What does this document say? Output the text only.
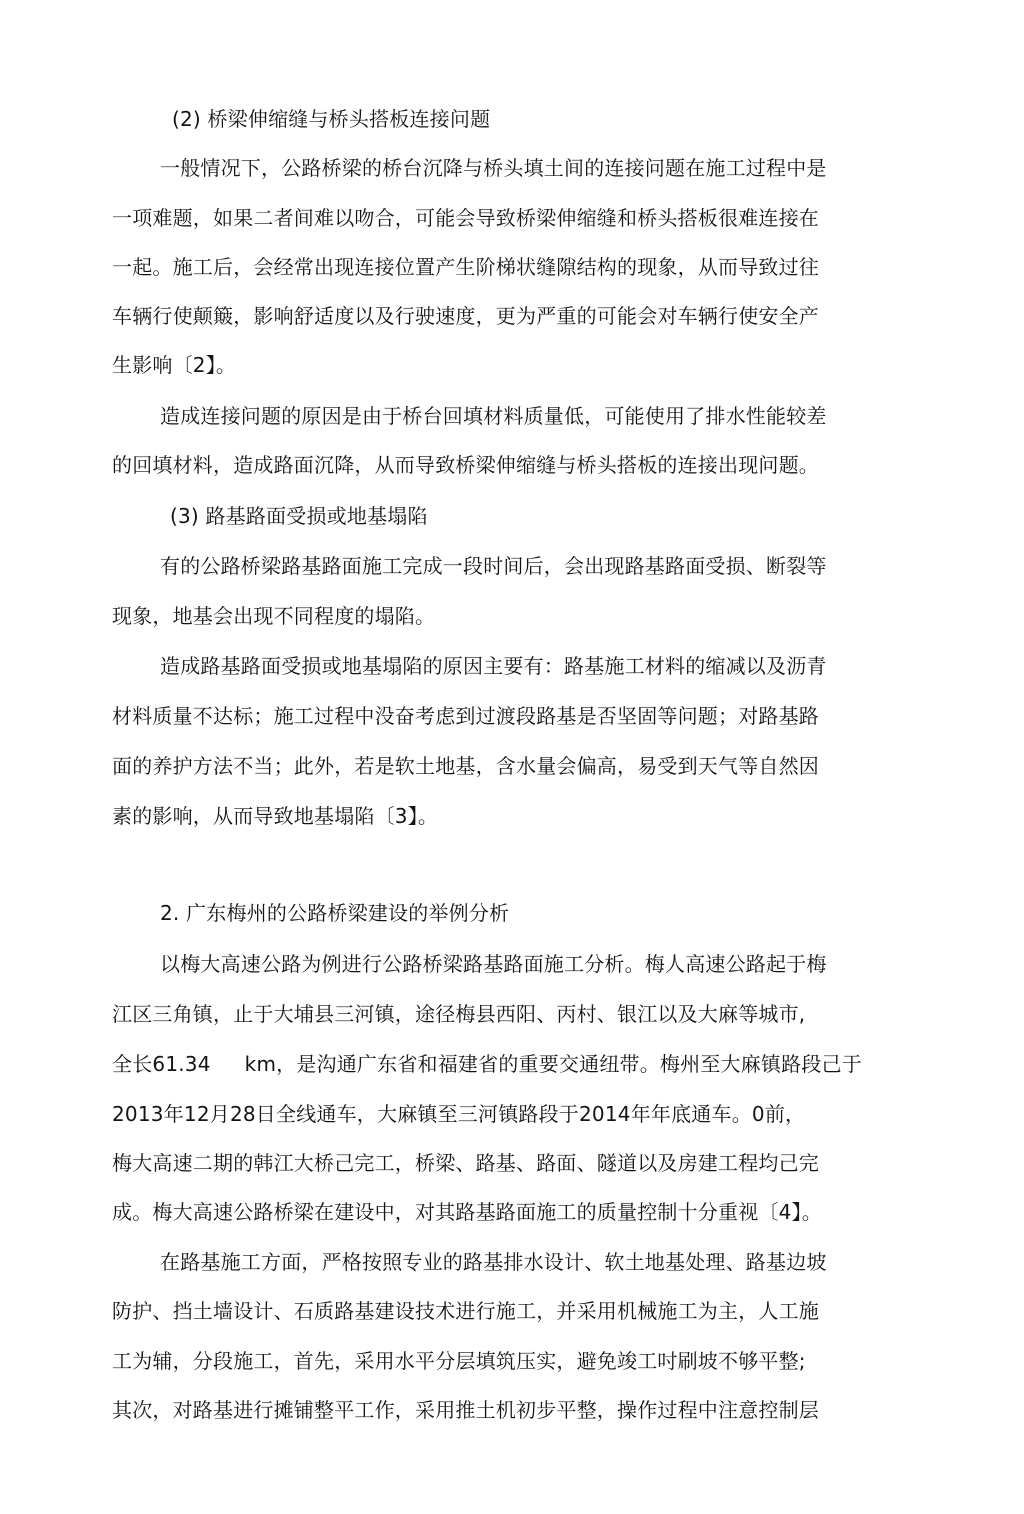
(2) 桥梁伸缩缝与桥头搭板连接问题

一般情况下，公路桥梁的桥台沉降与桥头填土间的连接问题在施工过程中是

一项难题，如果二者间难以吻合，可能会导致桥梁伸缩缝和桥头搭板很难连接在

一起。施工后，会经常出现连接位置产生阶梯状缝隙结构的现象，从而导致过往

车辆行使颠簸，影响舒适度以及行驶速度，更为严重的可能会对车辆行使安全产

生影响〔2】。

造成连接问题的原因是由于桥台回填材料质量低，可能使用了排水性能较差

的回填材料，造成路面沉降，从而导致桥梁伸缩缝与桥头搭板的连接出现问题。

(3) 路基路面受损或地基塌陷

有的公路桥梁路基路面施工完成一段时间后，会出现路基路面受损、断裂等

现象，地基会出现不同程度的塌陷。

造成路基路面受损或地基塌陷的原因主要有：路基施工材料的缩减以及沥青

材料质量不达标；施工过程中没奋考虑到过渡段路基是否坚固等问题；对路基路

面的养护方法不当；此外，若是软土地基，含水量会偏高，易受到天气等自然因

素的影响，从而导致地基塌陷〔3】。

2. 广东梅州的公路桥梁建设的举例分析

以梅大高速公路为例进行公路桥梁路基路面施工分析。梅人高速公路起于梅

江区三角镇，止于大埔县三河镇，途径梅县西阳、丙村、银江以及大麻等城市,

全长61.34 km，是沟通广东省和福建省的重要交通纽带。梅州至大麻镇路段己于

2013年12月28日全线通车，大麻镇至三河镇路段于2014年年底通车。0前，

梅大高速二期的韩江大桥己完工，桥梁、路基、路面、隧道以及房建工程均己完

成。梅大高速公路桥梁在建设中，对其路基路面施工的质量控制十分重视〔4】。

在路基施工方面，严格按照专业的路基排水设计、软土地基处理、路基边坡

防护、挡土墙设计、石质路基建设技术进行施工，并采用机械施工为主，人工施

工为辅，分段施工，首先，采用水平分层填筑压实，避免竣工吋刷坡不够平整;

其次，对路基进行摊铺整平工作，采用推土机初步平整，操作过程中注意控制层
